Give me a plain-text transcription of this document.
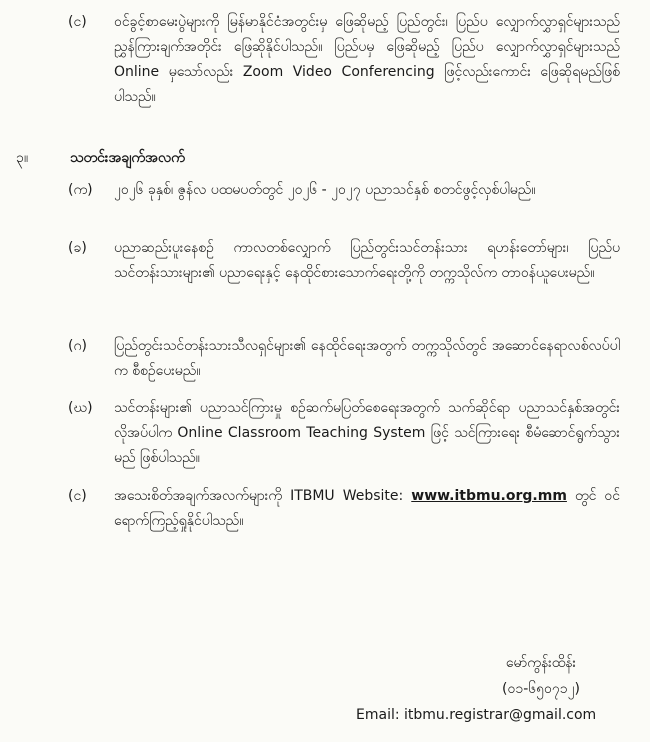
(င) ဝင်ခွင့်စာမေးပွဲများကို မြန်မာနိုင်ငံအတွင်းမှ ဖြေဆိုမည့် ပြည်တွင်း၊ ပြည်ပ လျှောက်လွှာရှင်များသည် ညွှန်ကြားချက်အတိုင်း ဖြေဆိုနိုင်ပါသည်။ ပြည်ပမှ ဖြေဆိုမည့် ပြည်ပ လျှောက်လွှာရှင်များသည် Online မှသော်လည်း Zoom Video Conferencing ဖြင့်လည်းကောင်း ဖြေဆိုရမည်ဖြစ်ပါသည်။
၃။	သတင်းအချက်အလက်
(က) ၂၀၂၆ ခုနှစ်၊ ဇွန်လ ပထမပတ်တွင် ၂၀၂၆ - ၂၀၂၇ ပညာသင်နှစ် စတင်ဖွင့်လှစ်ပါမည်။
(ခ) ပညာဆည်းပူးနေစဉ် ကာလတစ်လျှောက် ပြည်တွင်းသင်တန်းသား ရဟန်းတော်များ၊ ပြည်ပသင်တန်းသားများ၏ ပညာရေးနှင့် နေထိုင်စားသောက်ရေးတို့ကို တက္ကသိုလ်က တာဝန်ယူပေးမည်။
(ဂ) ပြည်တွင်းသင်တန်းသားသီလရှင်များ၏ နေထိုင်ရေးအတွက် တက္ကသိုလ်တွင် အဆောင်နေရာလစ်လပ်ပါက စီစဉ်ပေးမည်။
(ဃ) သင်တန်းများ၏ ပညာသင်ကြားမှု စဉ်ဆက်မပြတ်စေရေးအတွက် သက်ဆိုင်ရာ ပညာသင်နှစ်အတွင်း လိုအပ်ပါက Online Classroom Teaching System ဖြင့် သင်ကြားရေး စီမံဆောင်ရွက်သွားမည် ဖြစ်ပါသည်။
(င) အသေးစိတ်အချက်အလက်များကို ITBMU Website: www.itbmu.org.mm တွင် ဝင်ရောက်ကြည့်ရှုနိုင်ပါသည်။
မော်ကွန်းထိန်း
(၀၁-၆၅၀၇၁၂)
Email: itbmu.registrar@gmail.com
